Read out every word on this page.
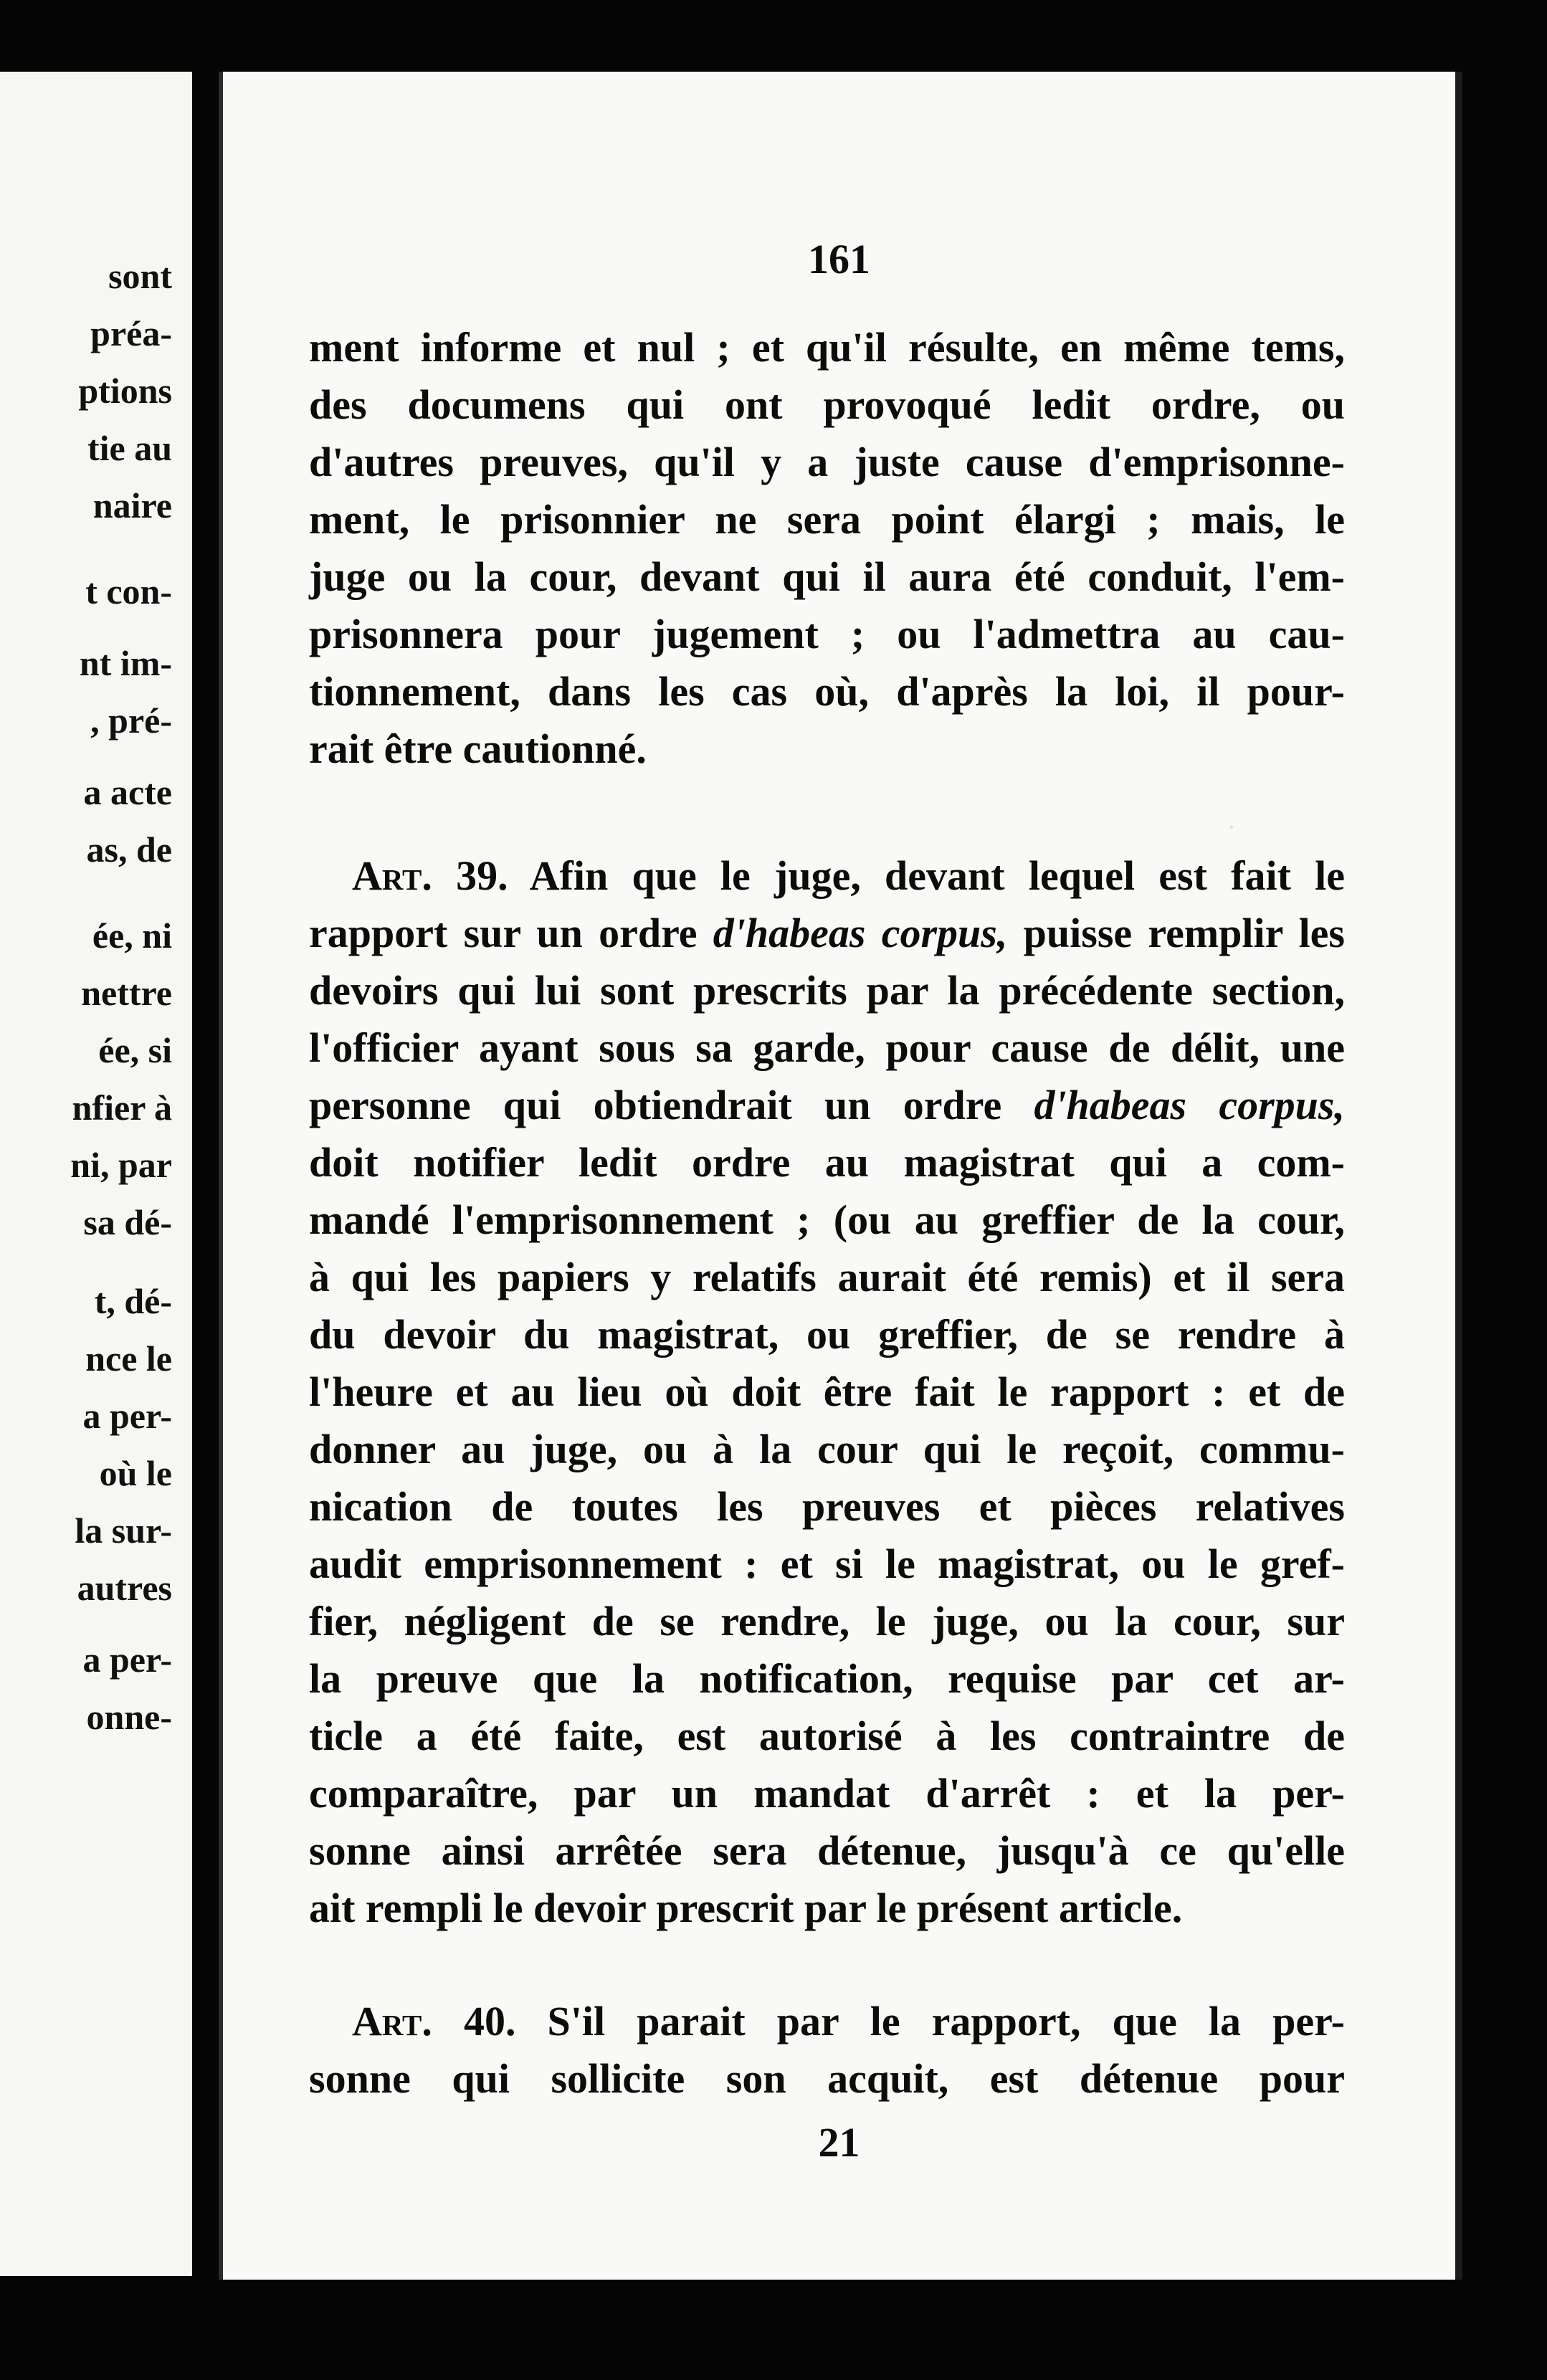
sont
préa-
ptions
tie au
naire
t con-
nt im-
, pré-
a acte
as, de
ée, ni
nettre
ée, si
nfier à
ni, par
sa dé-
t, dé-
nce le
a per-
où le
la sur-
autres
a per-
onne-
161
·
ment informe et nul ; et qu'il résulte, en même tems,
des documens qui ont provoqué ledit ordre, ou
d'autres preuves, qu'il y a juste cause d'emprisonne-
ment, le prisonnier ne sera point élargi ; mais, le
juge ou la cour, devant qui il aura été conduit, l'em-
prisonnera pour jugement ; ou l'admettra au cau-
tionnement, dans les cas où, d'après la loi, il pour-
rait être cautionné.
Art. 39. Afin que le juge, devant lequel est fait le
rapport sur un ordre d'habeas corpus, puisse remplir les
devoirs qui lui sont prescrits par la précédente section,
l'officier ayant sous sa garde, pour cause de délit, une
personne qui obtiendrait un ordre d'habeas corpus,
doit notifier ledit ordre au magistrat qui a com-
mandé l'emprisonnement ; (ou au greffier de la cour,
à qui les papiers y relatifs aurait été remis) et il sera
du devoir du magistrat, ou greffier, de se rendre à
l'heure et au lieu où doit être fait le rapport : et de
donner au juge, ou à la cour qui le reçoit, commu-
nication de toutes les preuves et pièces relatives
audit emprisonnement : et si le magistrat, ou le gref-
fier, négligent de se rendre, le juge, ou la cour, sur
la preuve que la notification, requise par cet ar-
ticle a été faite, est autorisé à les contraintre de
comparaître, par un mandat d'arrêt : et la per-
sonne ainsi arrêtée sera détenue, jusqu'à ce qu'elle
ait rempli le devoir prescrit par le présent article.
Art. 40. S'il parait par le rapport, que la per-
sonne qui sollicite son acquit, est détenue pour
21
